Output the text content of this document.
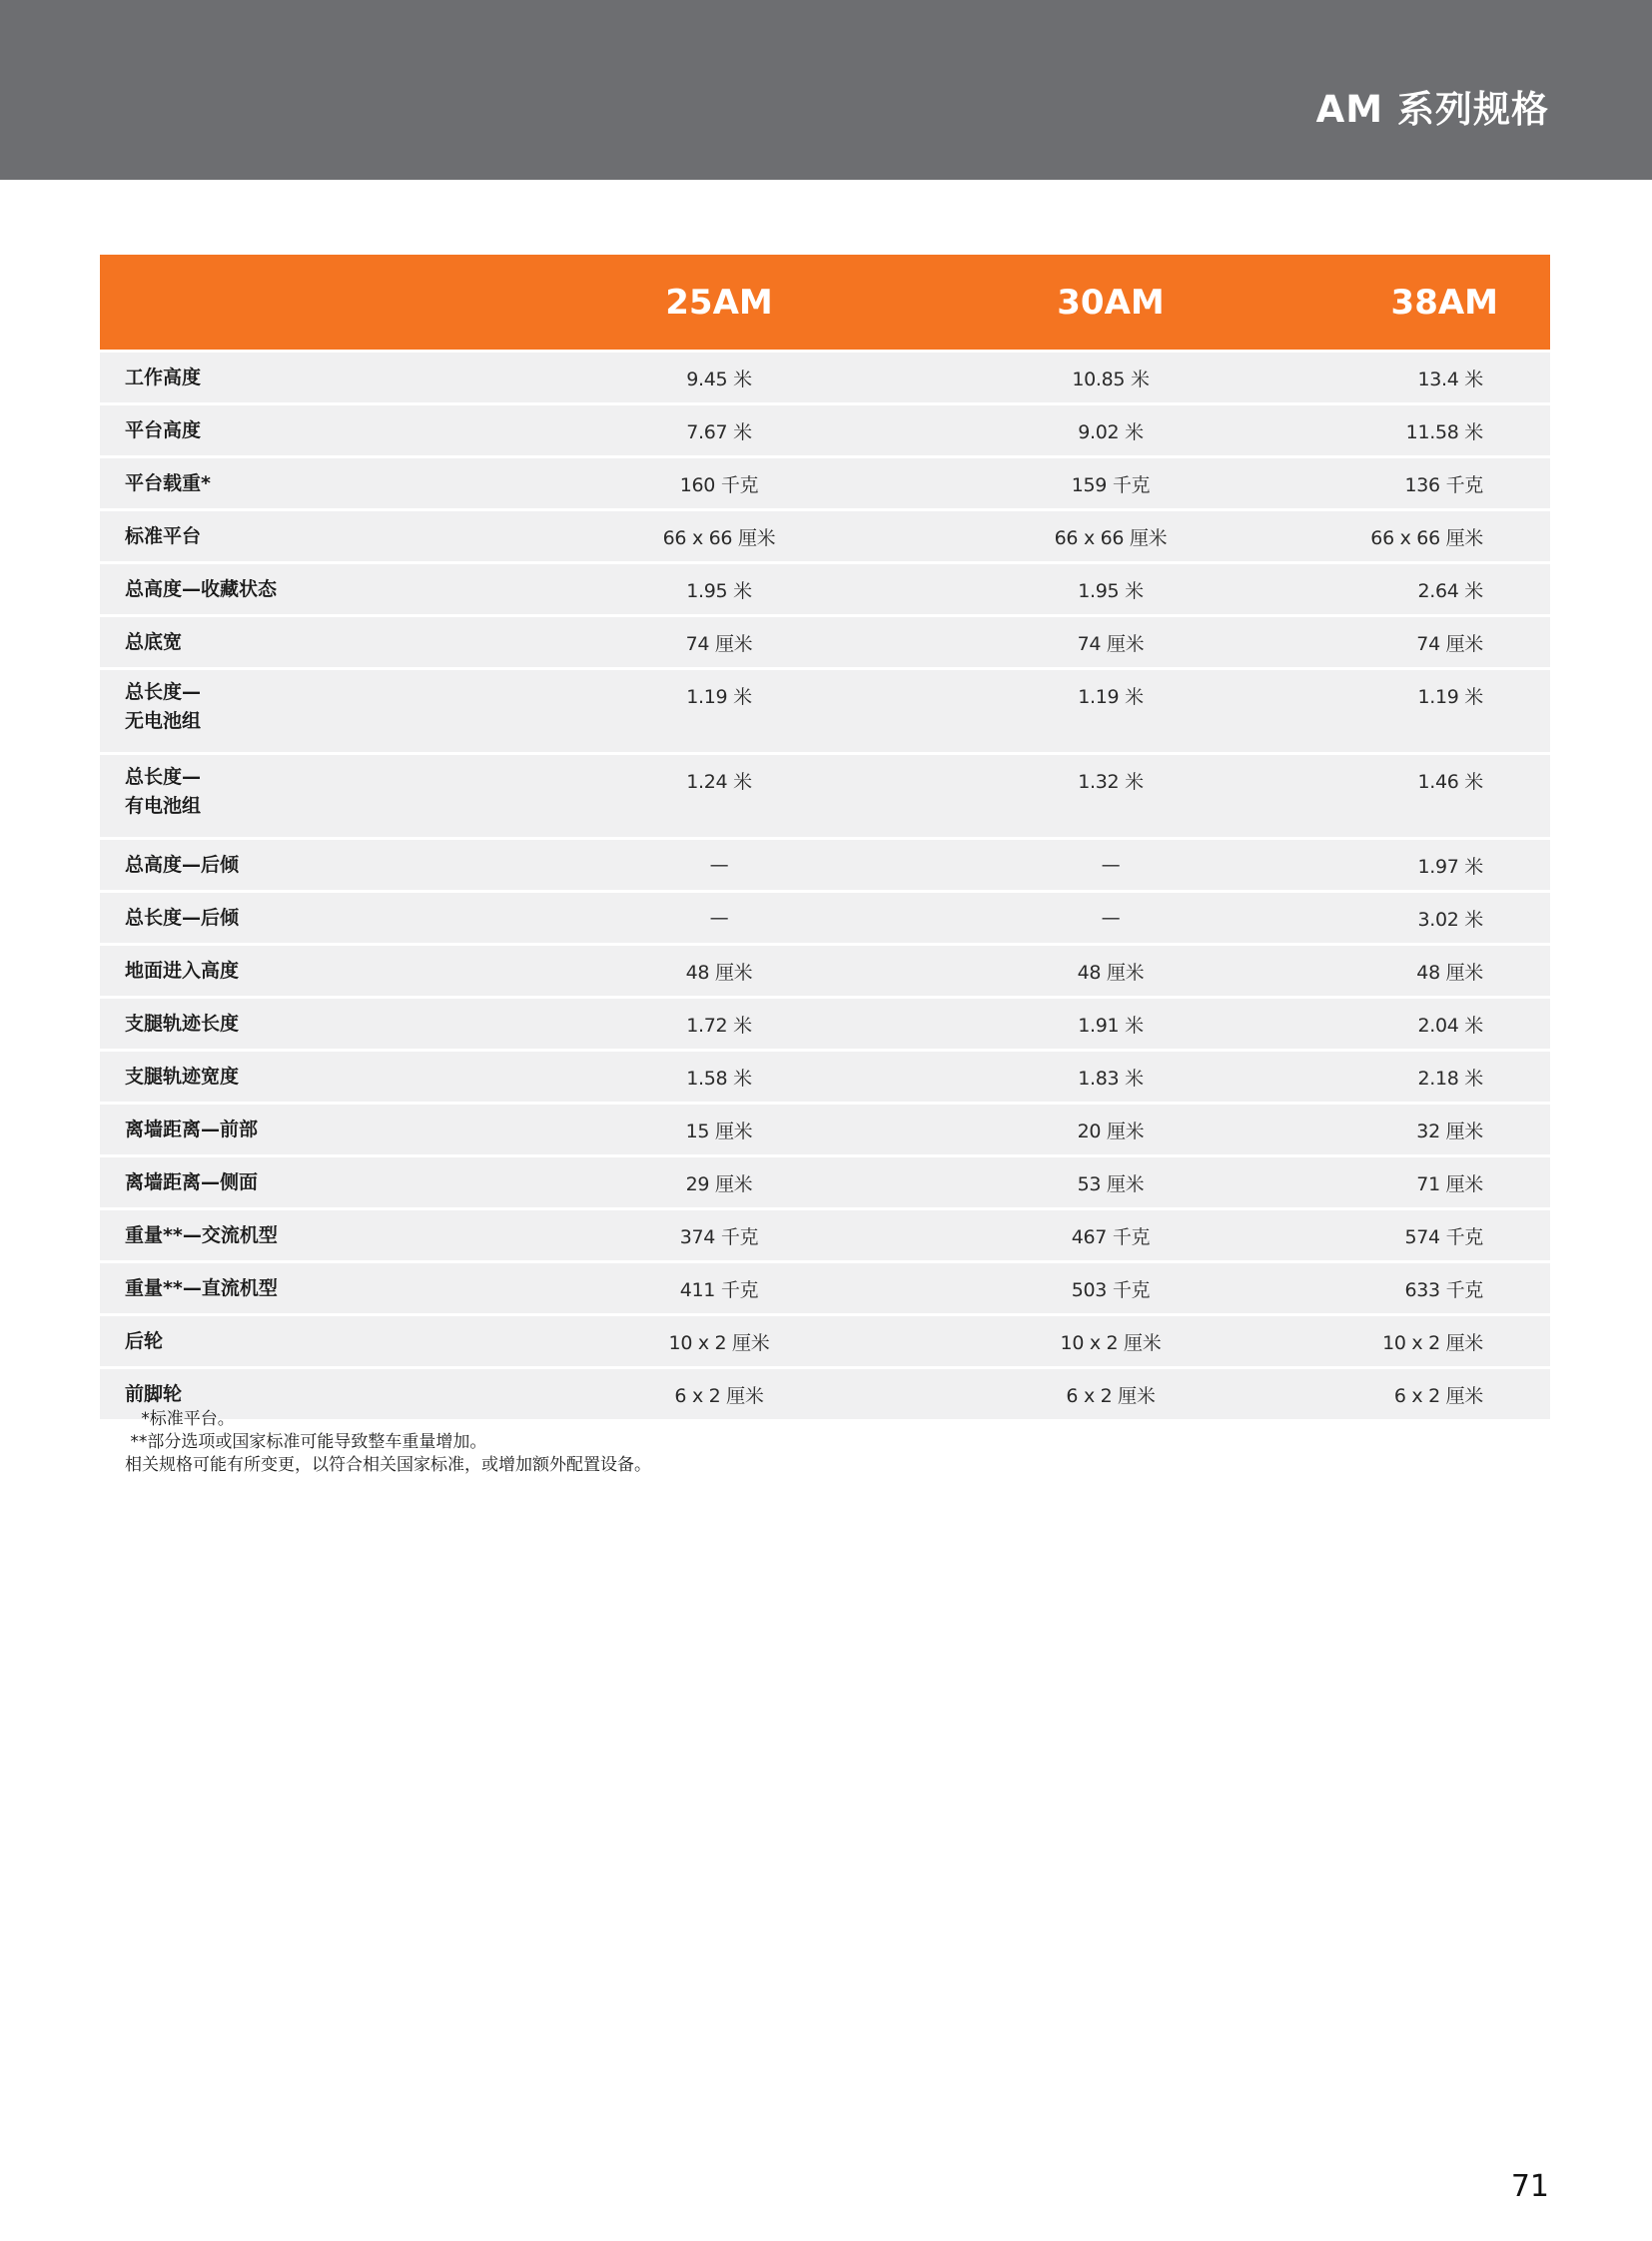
AM 系列规格
	25AM	30AM	38AM

工作高度	9.45 米	10.85 米	13.4 米

平台高度	7.67 米	9.02 米	11.58 米

平台载重*	160 千克	159 千克	136 千克

标准平台	66 x 66 厘米	66 x 66 厘米	66 x 66 厘米

总高度—收藏状态	1.95 米	1.95 米	2.64 米

总底宽	74 厘米	74 厘米	74 厘米

总长度—
无电池组	1.19 米	1.19 米	1.19 米

总长度—
有电池组	1.24 米	1.32 米	1.46 米

总高度—后倾	—	—	1.97 米

总长度—后倾	—	—	3.02 米

地面进入高度	48 厘米	48 厘米	48 厘米

支腿轨迹长度	1.72 米	1.91 米	2.04 米

支腿轨迹宽度	1.58 米	1.83 米	2.18 米

离墙距离—前部	15 厘米	20 厘米	32 厘米

离墙距离—侧面	29 厘米	53 厘米	71 厘米

重量**—交流机型	374 千克	467 千克	574 千克

重量**—直流机型	411 千克	503 千克	633 千克

后轮	10 x 2 厘米	10 x 2 厘米	10 x 2 厘米

前脚轮	6 x 2 厘米	6 x 2 厘米	6 x 2 厘米
*标准平台。
**部分选项或国家标准可能导致整车重量增加。
相关规格可能有所变更，以符合相关国家标准，或增加额外配置设备。
71
